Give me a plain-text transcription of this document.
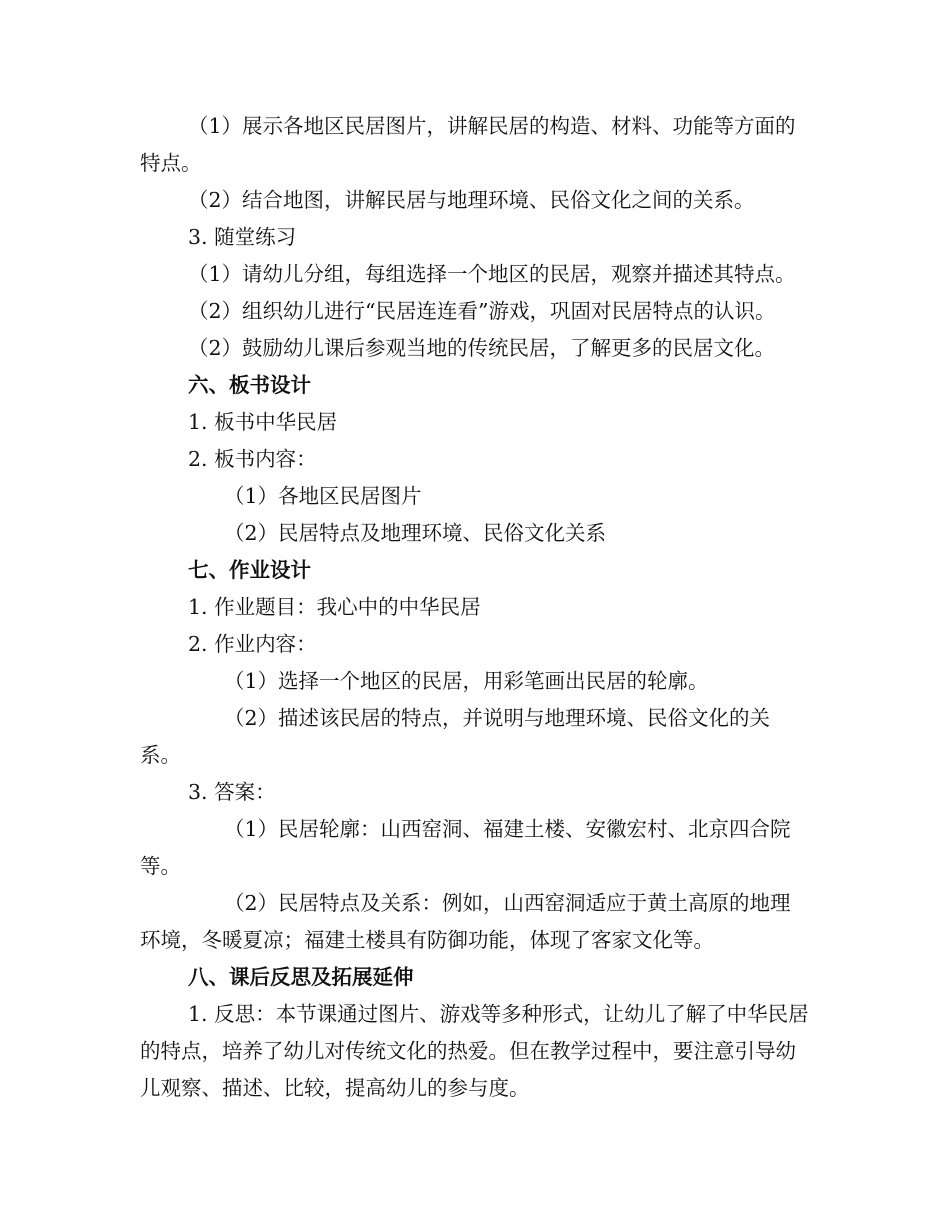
（1）展示各地区民居图片，讲解民居的构造、材料、功能等方面的特点。
（2）结合地图，讲解民居与地理环境、民俗文化之间的关系。
3. 随堂练习
（1）请幼儿分组，每组选择一个地区的民居，观察并描述其特点。
（2）组织幼儿进行“民居连连看”游戏，巩固对民居特点的认识。
（2）鼓励幼儿课后参观当地的传统民居，了解更多的民居文化。
六、板书设计
1. 板书中华民居
2. 板书内容：
（1）各地区民居图片
（2）民居特点及地理环境、民俗文化关系
七、作业设计
1. 作业题目：我心中的中华民居
2. 作业内容：
（1）选择一个地区的民居，用彩笔画出民居的轮廓。
（2）描述该民居的特点，并说明与地理环境、民俗文化的关系。
3. 答案：
（1）民居轮廓：山西窑洞、福建土楼、安徽宏村、北京四合院等。
（2）民居特点及关系：例如，山西窑洞适应于黄土高原的地理环境，冬暖夏凉；福建土楼具有防御功能，体现了客家文化等。
八、课后反思及拓展延伸
1. 反思：本节课通过图片、游戏等多种形式，让幼儿了解了中华民居的特点，培养了幼儿对传统文化的热爱。但在教学过程中，要注意引导幼儿观察、描述、比较，提高幼儿的参与度。
